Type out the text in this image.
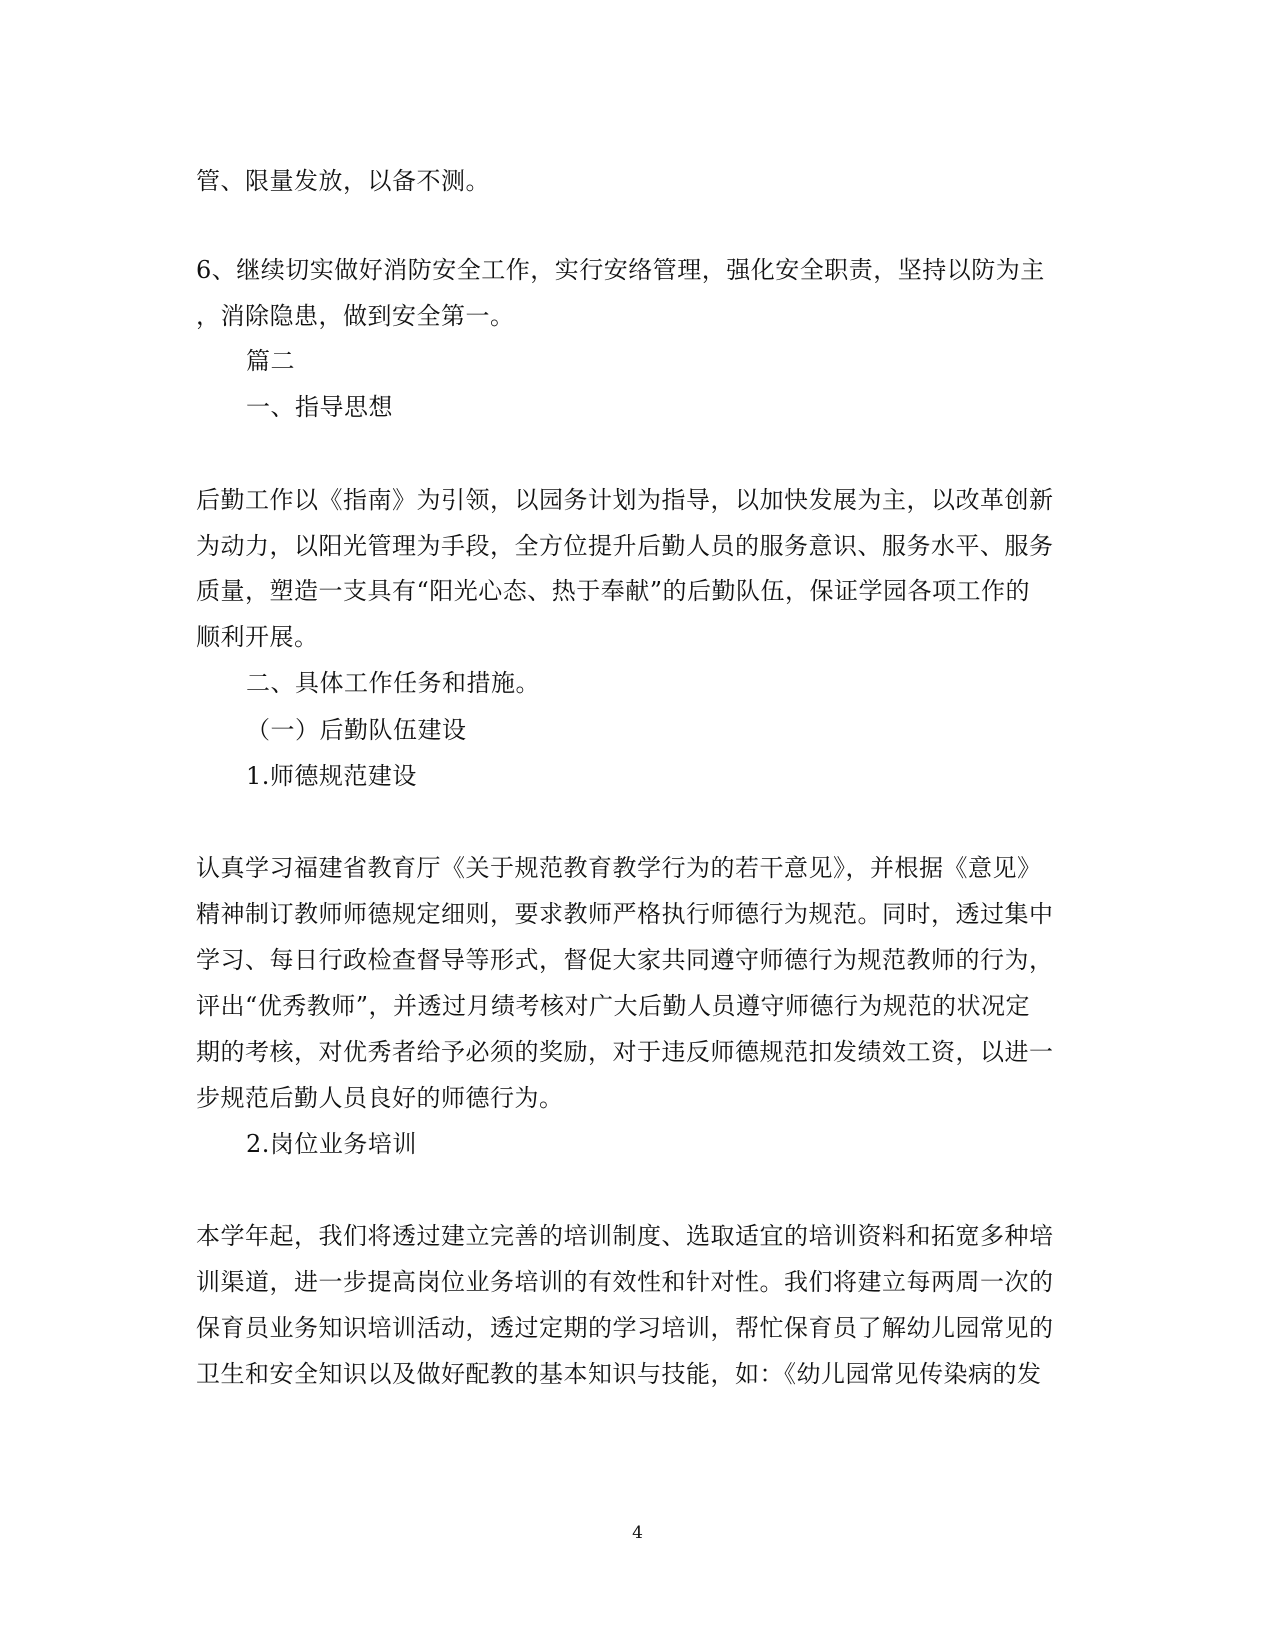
管、限量发放，以备不测。
6、继续切实做好消防安全工作，实行安络管理，强化安全职责，坚持以防为主
，消除隐患，做到安全第一。
篇二
一、指导思想
后勤工作以《指南》为引领，以园务计划为指导，以加快发展为主，以改革创新
为动力，以阳光管理为手段，全方位提升后勤人员的服务意识、服务水平、服务
质量，塑造一支具有“阳光心态、热于奉献”的后勤队伍，保证学园各项工作的
顺利开展。
二、具体工作任务和措施。
（一）后勤队伍建设
1.师德规范建设
认真学习福建省教育厅《关于规范教育教学行为的若干意见》，并根据《意见》
精神制订教师师德规定细则，要求教师严格执行师德行为规范。同时，透过集中
学习、每日行政检查督导等形式，督促大家共同遵守师德行为规范教师的行为，
评出“优秀教师”，并透过月绩考核对广大后勤人员遵守师德行为规范的状况定
期的考核，对优秀者给予必须的奖励，对于违反师德规范扣发绩效工资，以进一
步规范后勤人员良好的师德行为。
2.岗位业务培训
本学年起，我们将透过建立完善的培训制度、选取适宜的培训资料和拓宽多种培
训渠道，进一步提高岗位业务培训的有效性和针对性。我们将建立每两周一次的
保育员业务知识培训活动，透过定期的学习培训，帮忙保育员了解幼儿园常见的
卫生和安全知识以及做好配教的基本知识与技能，如：《幼儿园常见传染病的发
4
